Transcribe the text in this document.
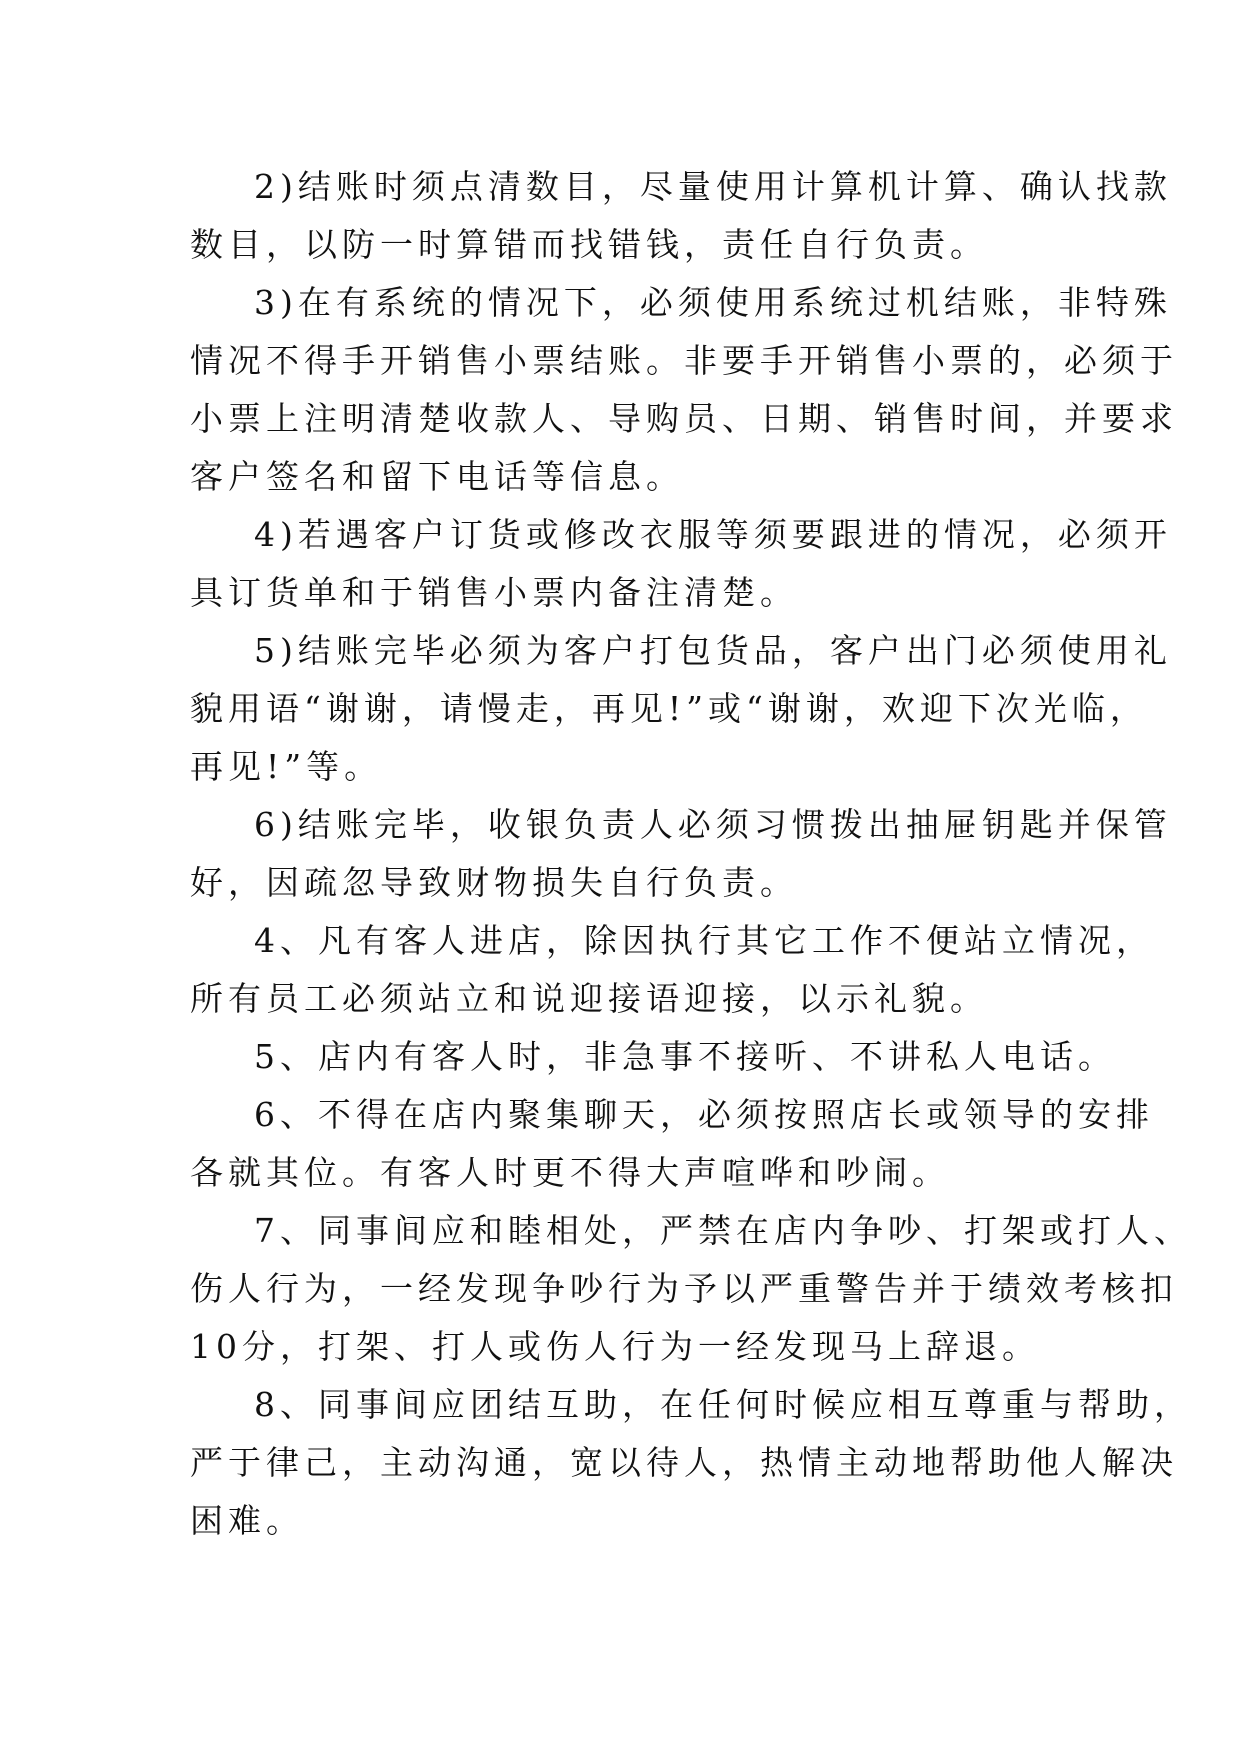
2)结账时须点清数目，尽量使用计算机计算、确认找款
数目，以防一时算错而找错钱，责任自行负责。
3)在有系统的情况下，必须使用系统过机结账，非特殊
情况不得手开销售小票结账。非要手开销售小票的，必须于
小票上注明清楚收款人、导购员、日期、销售时间，并要求
客户签名和留下电话等信息。
4)若遇客户订货或修改衣服等须要跟进的情况，必须开
具订货单和于销售小票内备注清楚。
5)结账完毕必须为客户打包货品，客户出门必须使用礼
貌用语“谢谢，请慢走，再见!”或“谢谢，欢迎下次光临，
再见!”等。
6)结账完毕，收银负责人必须习惯拨出抽屉钥匙并保管
好，因疏忽导致财物损失自行负责。
4、凡有客人进店，除因执行其它工作不便站立情况，
所有员工必须站立和说迎接语迎接，以示礼貌。
5、店内有客人时，非急事不接听、不讲私人电话。
6、不得在店内聚集聊天，必须按照店长或领导的安排
各就其位。有客人时更不得大声喧哗和吵闹。
7、同事间应和睦相处，严禁在店内争吵、打架或打人、
伤人行为，一经发现争吵行为予以严重警告并于绩效考核扣
10分，打架、打人或伤人行为一经发现马上辞退。
8、同事间应团结互助，在任何时候应相互尊重与帮助，
严于律己，主动沟通，宽以待人，热情主动地帮助他人解决
困难。
